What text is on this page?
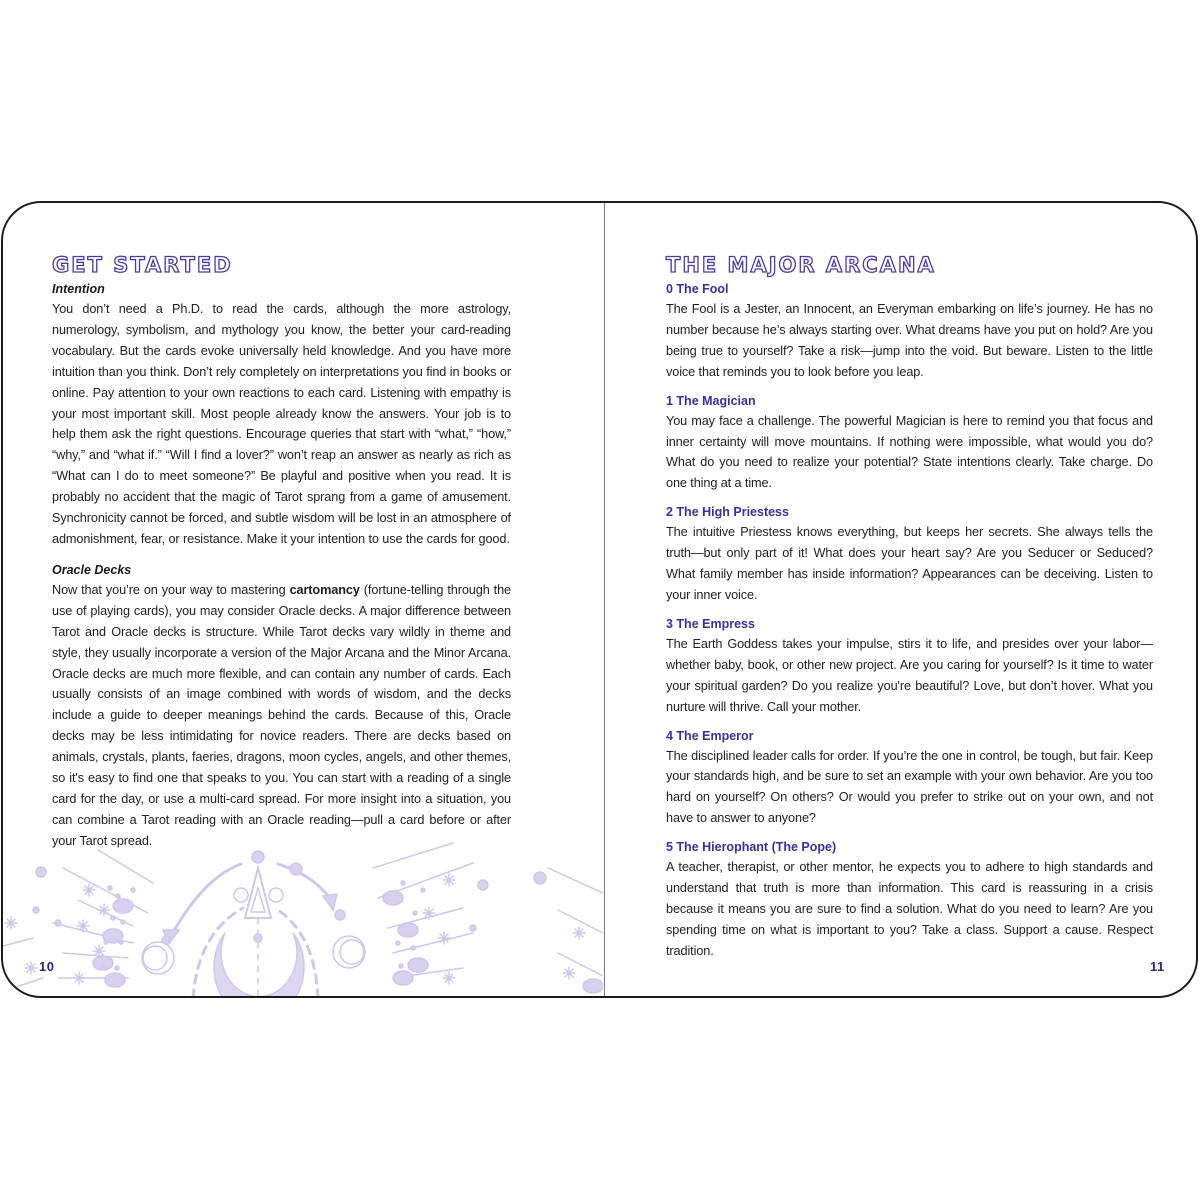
GET STARTED

Intention

You don’t need a Ph.D. to read the cards, although the more astrology, numerology, symbolism, and mythology you know, the better your card-reading vocabulary. But the cards evoke universally held knowledge. And you have more intuition than you think. Don’t rely completely on interpretations you find in books or online. Pay attention to your own reactions to each card. Listening with empathy is your most important skill. Most people already know the answers. Your job is to help them ask the right questions. Encourage queries that start with “what,” “how,” “why,” and “what if.” “Will I find a lover?” won’t reap an answer as nearly as rich as “What can I do to meet someone?” Be playful and positive when you read. It is probably no accident that the magic of Tarot sprang from a game of amusement. Synchronicity cannot be forced, and subtle wisdom will be lost in an atmosphere of admonishment, fear, or resistance. Make it your intention to use the cards for good.

Oracle Decks

Now that you’re on your way to mastering cartomancy (fortune-telling through the use of playing cards), you may consider Oracle decks. A major difference between Tarot and Oracle decks is structure. While Tarot decks vary wildly in theme and style, they usually incorporate a version of the Major Arcana and the Minor Arcana. Oracle decks are much more flexible, and can contain any number of cards. Each usually consists of an image combined with words of wisdom, and the decks include a guide to deeper meanings behind the cards. Because of this, Oracle decks may be less intimidating for novice readers. There are decks based on animals, crystals, plants, faeries, dragons, moon cycles, angels, and other themes, so it's easy to find one that speaks to you. You can start with a reading of a single card for the day, or use a multi-card spread. For more insight into a situation, you can combine a Tarot reading with an Oracle reading—pull a card before or after your Tarot spread.

10
THE MAJOR ARCANA

0 The Fool

The Fool is a Jester, an Innocent, an Everyman embarking on life’s journey. He has no number because he’s always starting over. What dreams have you put on hold? Are you being true to yourself? Take a risk—jump into the void. But beware. Listen to the little voice that reminds you to look before you leap.

1 The Magician

You may face a challenge. The powerful Magician is here to remind you that focus and inner certainty will move mountains. If nothing were impossible, what would you do? What do you need to realize your potential? State intentions clearly. Take charge. Do one thing at a time.

2 The High Priestess

The intuitive Priestess knows everything, but keeps her secrets. She always tells the truth—but only part of it! What does your heart say? Are you Seducer or Seduced? What family member has inside information? Appearances can be deceiving. Listen to your inner voice.

3 The Empress

The Earth Goddess takes your impulse, stirs it to life, and presides over your labor—whether baby, book, or other new project. Are you caring for yourself? Is it time to water your spiritual garden? Do you realize you're beautiful? Love, but don’t hover. What you nurture will thrive. Call your mother.

4 The Emperor

The disciplined leader calls for order. If you’re the one in control, be tough, but fair. Keep your standards high, and be sure to set an example with your own behavior. Are you too hard on yourself? On others? Or would you prefer to strike out on your own, and not have to answer to anyone?

5 The Hierophant (The Pope)

A teacher, therapist, or other mentor, he expects you to adhere to high standards and understand that truth is more than information. This card is reassuring in a crisis because it means you are sure to find a solution. What do you need to learn? Are you spending time on what is important to you? Take a class. Support a cause. Respect tradition.

11
